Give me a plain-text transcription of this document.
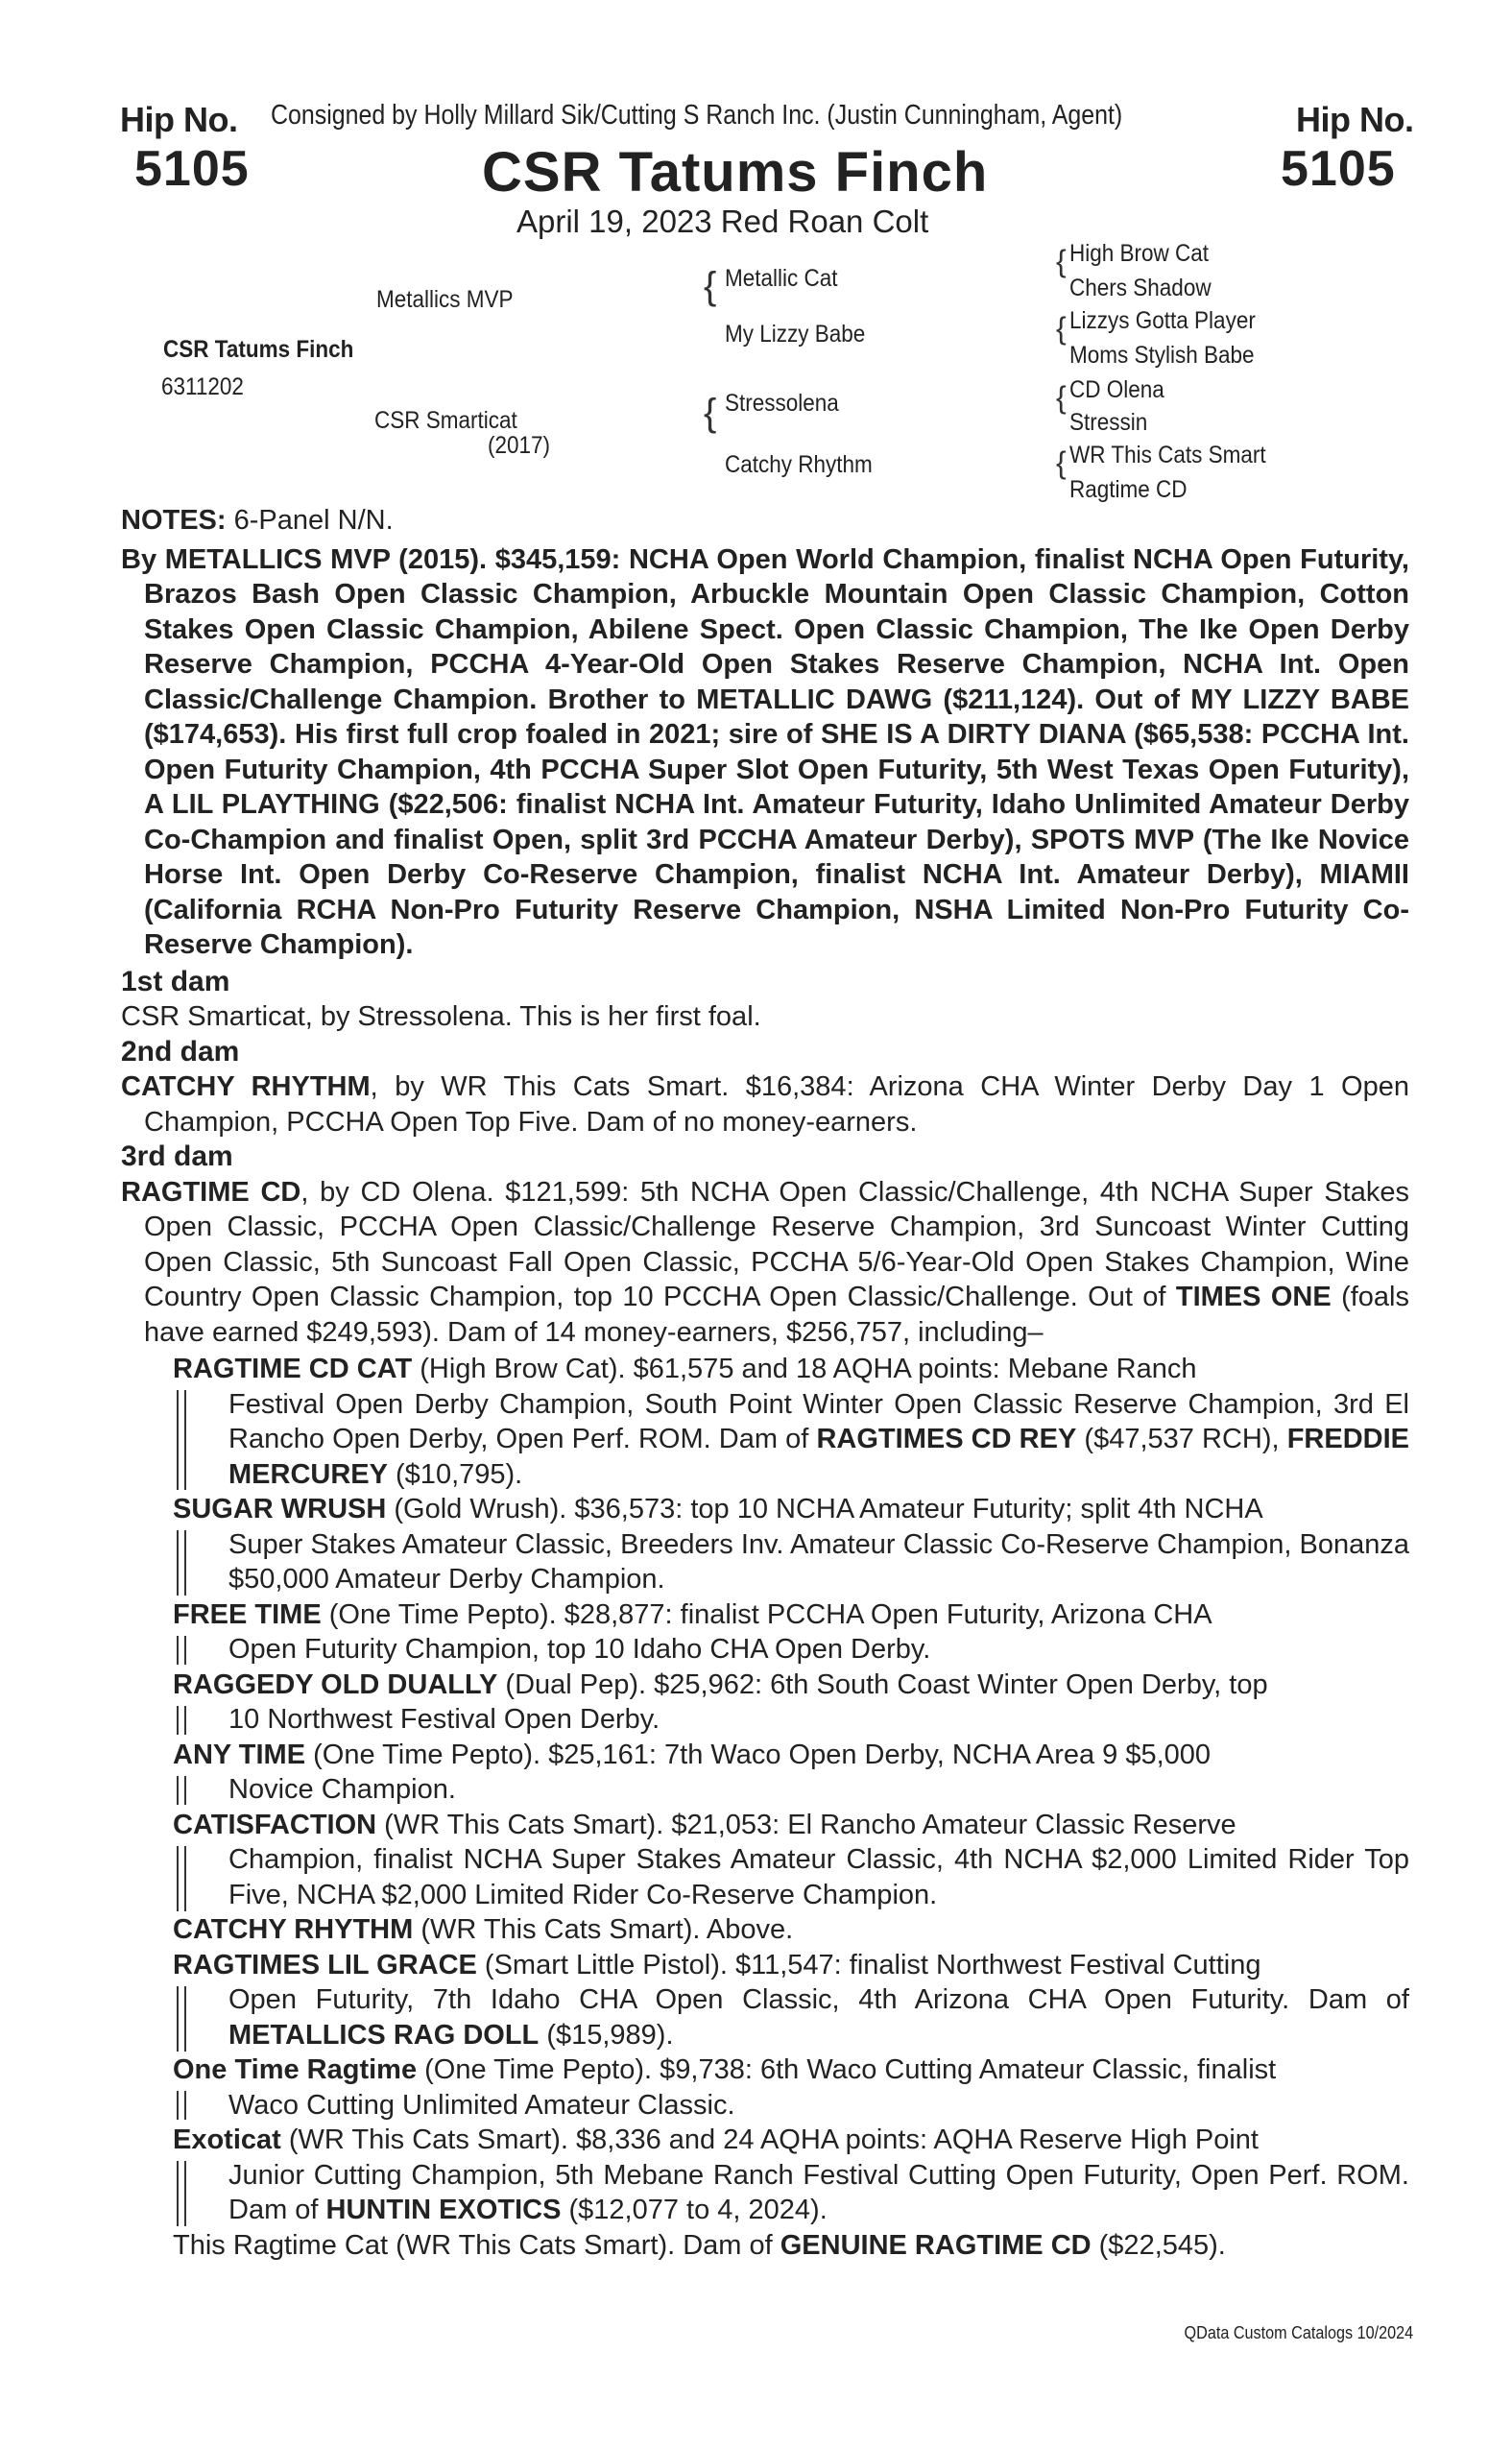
Hip No.
5105
Consigned by Holly Millard Sik/Cutting S Ranch Inc. (Justin Cunningham, Agent)	Hip No.
5105
CSR Tatums Finch
April 19, 2023 Red Roan Colt
CSR Tatums Finch
6311202
Metallics MVP
CSR Smarticat
(2017)
{ Metallic Cat
My Lizzy Babe
{ Stressolena
Catchy Rhythm
{ High Brow Cat
Chers Shadow
{ Lizzys Gotta Player
Moms Stylish Babe
{ CD Olena
Stressin
{ WR This Cats Smart
Ragtime CD
NOTES: 6-Panel N/N.
By METALLICS MVP (2015). $345,159: NCHA Open World Champion, finalist NCHA Open Futurity, Brazos Bash Open Classic Champion, Arbuckle Mountain Open Classic Champion, Cotton Stakes Open Classic Champion, Abilene Spect. Open Classic Champion, The Ike Open Derby Reserve Champion, PCCHA 4-Year-Old Open Stakes Reserve Champion, NCHA Int. Open Classic/Challenge Champion. Brother to METALLIC DAWG ($211,124). Out of MY LIZZY BABE ($174,653). His first full crop foaled in 2021; sire of SHE IS A DIRTY DIANA ($65,538: PCCHA Int. Open Futurity Champion, 4th PCCHA Super Slot Open Futurity, 5th West Texas Open Futurity), A LIL PLAYTHING ($22,506: finalist NCHA Int. Amateur Futurity, Idaho Unlimited Amateur Derby Co-Champion and finalist Open, split 3rd PCCHA Amateur Derby), SPOTS MVP (The Ike Novice Horse Int. Open Derby Co-Reserve Champion, finalist NCHA Int. Amateur Derby), MIAMII (California RCHA Non-Pro Futurity Reserve Champion, NSHA Limited Non-Pro Futurity Co-Reserve Champion).
1st dam
CSR Smarticat, by Stressolena. This is her first foal.
2nd dam
CATCHY RHYTHM, by WR This Cats Smart. $16,384: Arizona CHA Winter Derby Day 1 Open Champion, PCCHA Open Top Five. Dam of no money-earners.
3rd dam
RAGTIME CD, by CD Olena. $121,599: 5th NCHA Open Classic/Challenge, 4th NCHA Super Stakes Open Classic, PCCHA Open Classic/Challenge Reserve Champion, 3rd Suncoast Winter Cutting Open Classic, 5th Suncoast Fall Open Classic, PCCHA 5/6-Year-Old Open Stakes Champion, Wine Country Open Classic Champion, top 10 PCCHA Open Classic/Challenge. Out of TIMES ONE (foals have earned $249,593). Dam of 14 money-earners, $256,757, including–
RAGTIME CD CAT (High Brow Cat). $61,575 and 18 AQHA points: Mebane Ranch
Festival Open Derby Champion, South Point Winter Open Classic Reserve Champion, 3rd El Rancho Open Derby, Open Perf. ROM. Dam of RAGTIMES CD REY ($47,537 RCH), FREDDIE MERCUREY ($10,795).
SUGAR WRUSH (Gold Wrush). $36,573: top 10 NCHA Amateur Futurity; split 4th NCHA
Super Stakes Amateur Classic, Breeders Inv. Amateur Classic Co-Reserve Champion, Bonanza $50,000 Amateur Derby Champion.
FREE TIME (One Time Pepto). $28,877: finalist PCCHA Open Futurity, Arizona CHA
Open Futurity Champion, top 10 Idaho CHA Open Derby.
RAGGEDY OLD DUALLY (Dual Pep). $25,962: 6th South Coast Winter Open Derby, top
10 Northwest Festival Open Derby.
ANY TIME (One Time Pepto). $25,161: 7th Waco Open Derby, NCHA Area 9 $5,000
Novice Champion.
CATISFACTION (WR This Cats Smart). $21,053: El Rancho Amateur Classic Reserve
Champion, finalist NCHA Super Stakes Amateur Classic, 4th NCHA $2,000 Limited Rider Top Five, NCHA $2,000 Limited Rider Co-Reserve Champion.
CATCHY RHYTHM (WR This Cats Smart). Above.
RAGTIMES LIL GRACE (Smart Little Pistol). $11,547: finalist Northwest Festival Cutting
Open Futurity, 7th Idaho CHA Open Classic, 4th Arizona CHA Open Futurity. Dam of METALLICS RAG DOLL ($15,989).
One Time Ragtime (One Time Pepto). $9,738: 6th Waco Cutting Amateur Classic, finalist
Waco Cutting Unlimited Amateur Classic.
Exoticat (WR This Cats Smart). $8,336 and 24 AQHA points: AQHA Reserve High Point
Junior Cutting Champion, 5th Mebane Ranch Festival Cutting Open Futurity, Open Perf. ROM. Dam of HUNTIN EXOTICS ($12,077 to 4, 2024).
This Ragtime Cat (WR This Cats Smart). Dam of GENUINE RAGTIME CD ($22,545).
QData Custom Catalogs 10/2024
